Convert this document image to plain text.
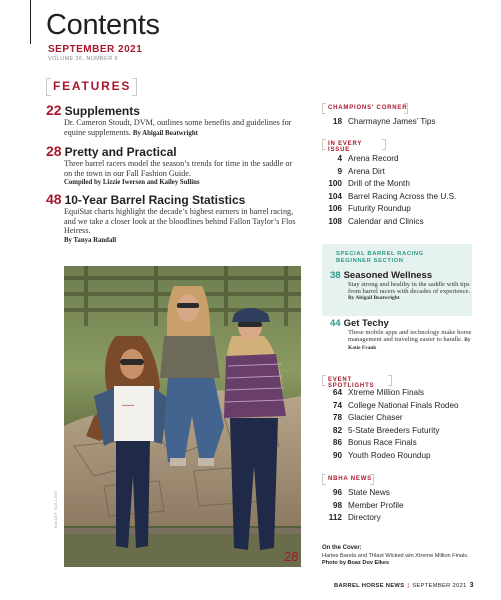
Contents
SEPTEMBER 2021
VOLUME 26, NUMBER 9
FEATURES
22 Supplements
Dr. Cameron Stoudt, DVM, outlines some benefits and guidelines for equine supplements. By Abigail Boatwright
28 Pretty and Practical
Three barrel racers model the season’s trends for time in the saddle or on the town in our Fall Fashion Guide.
Compiled by Lizzie Iwersen and Kailey Sullins
48 10-Year Barrel Racing Statistics
EquiStat charts highlight the decade’s highest earners in barrel racing, and we take a closer look at the bloodlines behind Fallon Taylor’s Flos Heiress.
By Tanya Randall
~~~
28
KAILEY SULLINS
CHAMPIONS' CORNER
18 Charmayne James’ Tips
IN EVERY ISSUE
4 Arena Record
9 Arena Dirt
100 Drill of the Month
104 Barrel Racing Across the U.S.
106 Futurity Roundup
108 Calendar and Clinics
SPECIAL BARREL RACING
BEGINNER SECTION
38 Seasoned Wellness
Stay strong and healthy in the saddle with tips from barrel racers with decades of experience.
By Abigail Boatwright
44 Get Techy
These mobile apps and technology make horse management and traveling easier to handle. By Katie Frank
EVENT SPOTLIGHTS
64 Xtreme Million Finals
74 College National Finals Rodeo
78 Glacier Chaser
82 5-State Breeders Futurity
86 Bonus Race Finals
90 Youth Rodeo Roundup
NBHA NEWS
96 State News
98 Member Profile
112 Directory
On the Cover:
Harlee Barela and Thlast Wicked win Xtreme Million Finals. Photo by Boaz Dov Elkes
BARREL HORSE NEWS | SEPTEMBER 2021 3
